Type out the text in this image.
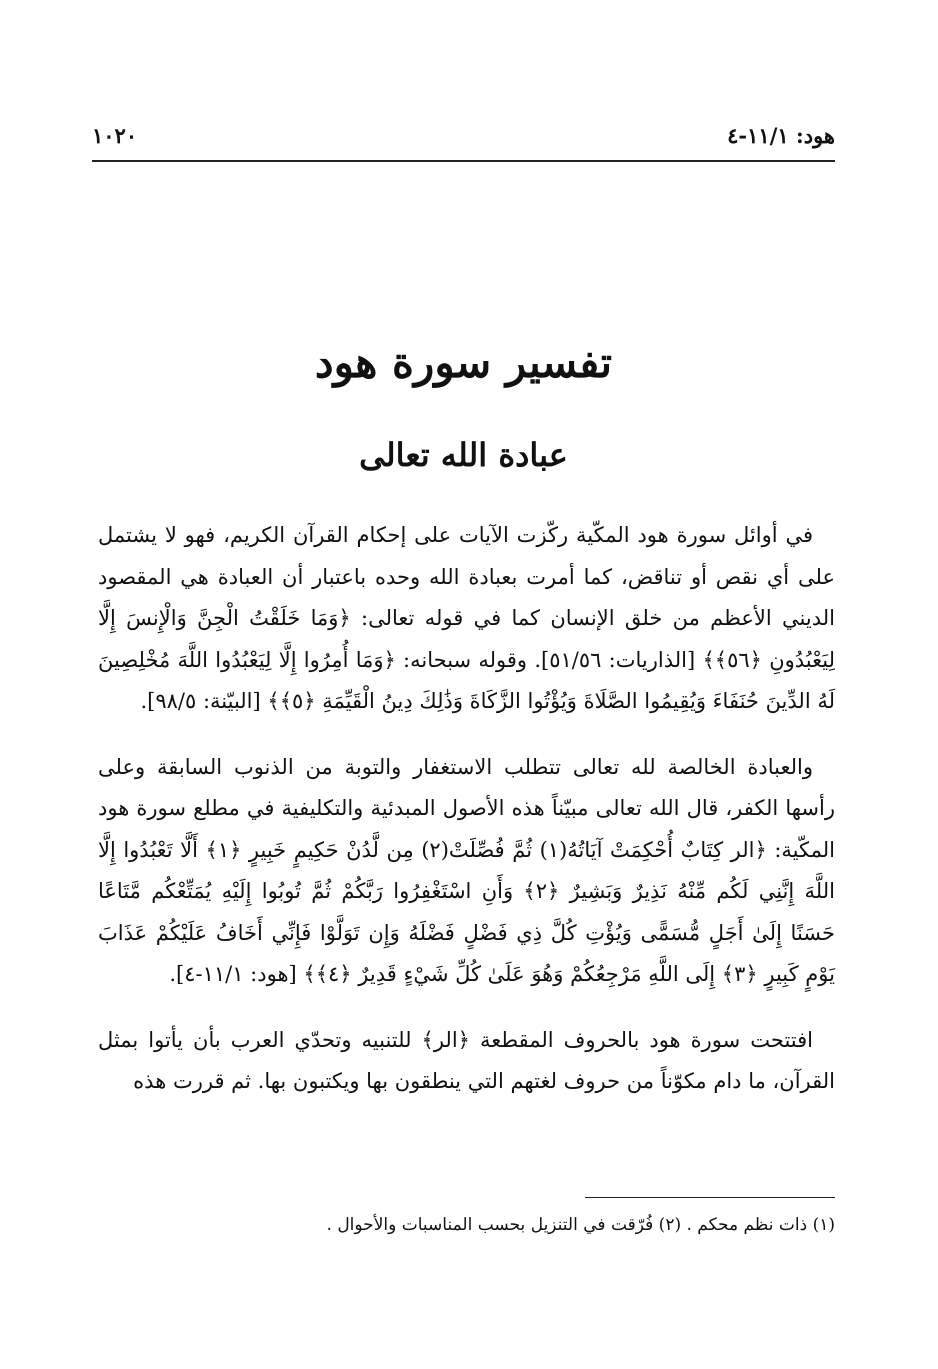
هود: ١١/١-٤
١٠٢٠
تفسير سورة هود
عبادة الله تعالى

في أوائل سورة هود المكّية ركّزت الآيات على إحكام القرآن الكريم، فهو لا يشتمل على أي نقص أو تناقض، كما أمرت بعبادة الله وحده باعتبار أن العبادة هي المقصود الديني الأعظم من خلق الإنسان كما في قوله تعالى: ﴿وَمَا خَلَقْتُ الْجِنَّ وَالْإِنسَ إِلَّا لِيَعْبُدُونِ ﴿٥٦﴾﴾ [الذاريات: ٥١/٥٦]. وقوله سبحانه: ﴿وَمَا أُمِرُوا إِلَّا لِيَعْبُدُوا اللَّهَ مُخْلِصِينَ لَهُ الدِّينَ حُنَفَاءَ وَيُقِيمُوا الصَّلَاةَ وَيُؤْتُوا الزَّكَاةَ وَذَٰلِكَ دِينُ الْقَيِّمَةِ ﴿٥﴾﴾ [البيّنة: ٩٨/٥].

والعبادة الخالصة لله تعالى تتطلب الاستغفار والتوبة من الذنوب السابقة وعلى رأسها الكفر، قال الله تعالى مبيّناً هذه الأصول المبدئية والتكليفية في مطلع سورة هود المكّية: ﴿الر كِتَابٌ أُحْكِمَتْ آيَاتُهُ(١) ثُمَّ فُصِّلَتْ(٢) مِن لَّدُنْ حَكِيمٍ خَبِيرٍ ﴿١﴾ أَلَّا تَعْبُدُوا إِلَّا اللَّهَ إِنَّنِي لَكُم مِّنْهُ نَذِيرٌ وَبَشِيرٌ ﴿٢﴾ وَأَنِ اسْتَغْفِرُوا رَبَّكُمْ ثُمَّ تُوبُوا إِلَيْهِ يُمَتِّعْكُم مَّتَاعًا حَسَنًا إِلَىٰ أَجَلٍ مُّسَمًّى وَيُؤْتِ كُلَّ ذِي فَضْلٍ فَضْلَهُ وَإِن تَوَلَّوْا فَإِنِّي أَخَافُ عَلَيْكُمْ عَذَابَ يَوْمٍ كَبِيرٍ ﴿٣﴾ إِلَى اللَّهِ مَرْجِعُكُمْ وَهُوَ عَلَىٰ كُلِّ شَيْءٍ قَدِيرٌ ﴿٤﴾﴾ [هود: ١١/١-٤].

افتتحت سورة هود بالحروف المقطعة ﴿الر﴾ للتنبيه وتحدّي العرب بأن يأتوا بمثل القرآن، ما دام مكوّناً من حروف لغتهم التي ينطقون بها ويكتبون بها. ثم قررت هذه

(١) ذات نظم محكم . (٢) فُرّقت في التنزيل بحسب المناسبات والأحوال .
